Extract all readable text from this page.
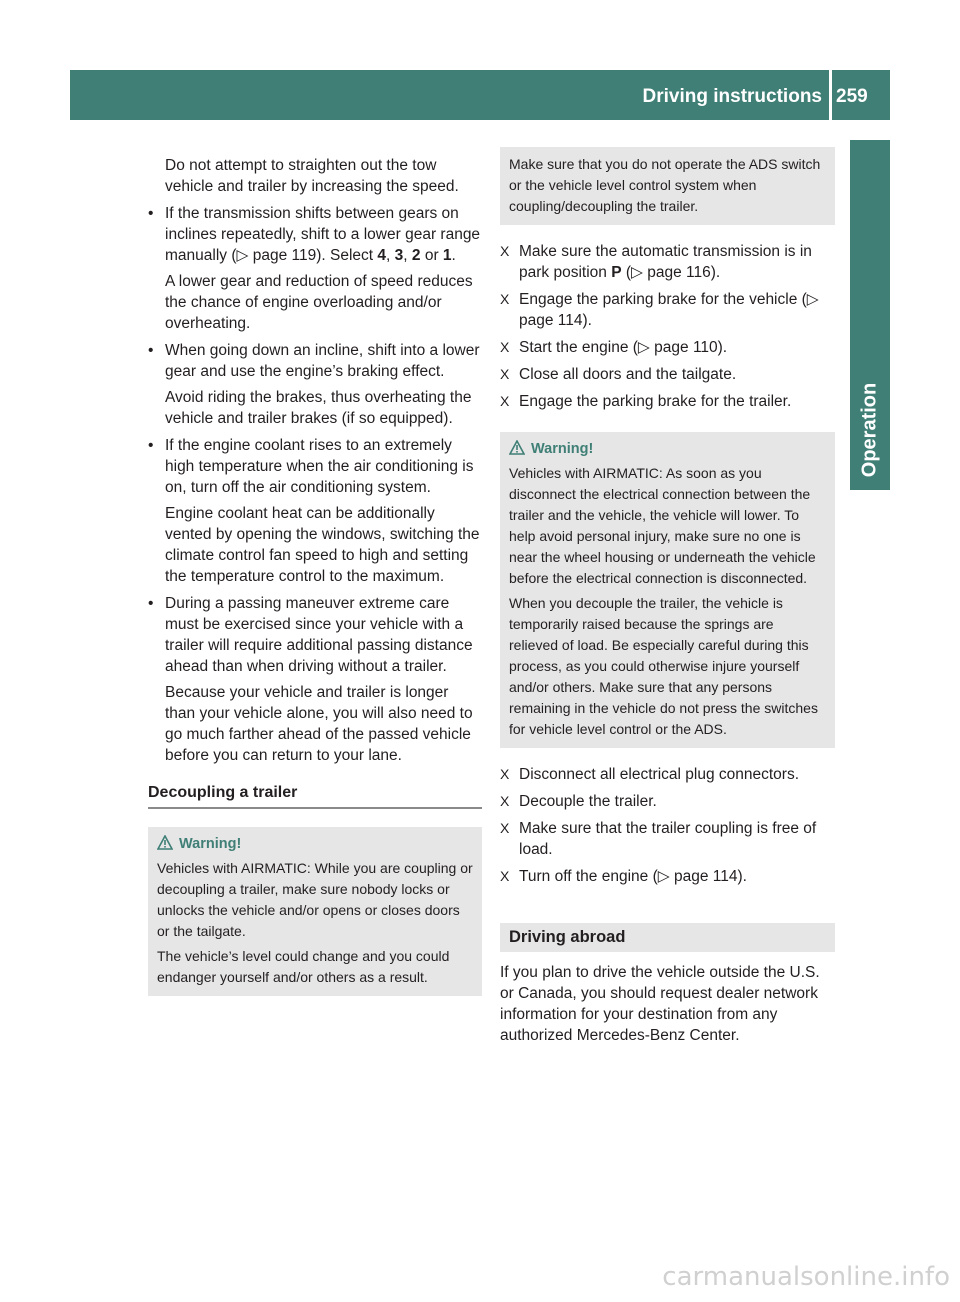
Driving instructions 259
Operation

Do not attempt to straighten out the tow vehicle and trailer by increasing the speed.

• If the transmission shifts between gears on inclines repeatedly, shift to a lower gear range manually (▷ page 119). Select 4, 3, 2 or 1.

A lower gear and reduction of speed reduces the chance of engine overloading and/or overheating.

• When going down an incline, shift into a lower gear and use the engine’s braking effect.

Avoid riding the brakes, thus overheating the vehicle and trailer brakes (if so equipped).

• If the engine coolant rises to an extremely high temperature when the air conditioning is on, turn off the air conditioning system.

Engine coolant heat can be additionally vented by opening the windows, switching the climate control fan speed to high and setting the temperature control to the maximum.

• During a passing maneuver extreme care must be exercised since your vehicle with a trailer will require additional passing distance ahead than when driving without a trailer.

Because your vehicle and trailer is longer than your vehicle alone, you will also need to go much farther ahead of the passed vehicle before you can return to your lane.

Decoupling a trailer
Warning!

Vehicles with AIRMATIC: While you are coupling or decoupling a trailer, make sure nobody locks or unlocks the vehicle and/or opens or closes doors or the tailgate.

The vehicle’s level could change and you could endanger yourself and/or others as a result.

Make sure that you do not operate the ADS switch or the vehicle level control system when coupling/decoupling the trailer.

X Make sure the automatic transmission is in park position P (▷ page 116).

X Engage the parking brake for the vehicle (▷ page 114).

X Start the engine (▷ page 110).

X Close all doors and the tailgate.

X Engage the parking brake for the trailer.

Warning!

Vehicles with AIRMATIC: As soon as you disconnect the electrical connection between the trailer and the vehicle, the vehicle will lower. To help avoid personal injury, make sure no one is near the wheel housing or underneath the vehicle before the electrical connection is disconnected.

When you decouple the trailer, the vehicle is temporarily raised because the springs are relieved of load. Be especially careful during this process, as you could otherwise injure yourself and/or others. Make sure that any persons remaining in the vehicle do not press the switches for vehicle level control or the ADS.

X Disconnect all electrical plug connectors.

X Decouple the trailer.

X Make sure that the trailer coupling is free of load.

X Turn off the engine (▷ page 114).

Driving abroad

If you plan to drive the vehicle outside the U.S. or Canada, you should request dealer network information for your destination from any authorized Mercedes-Benz Center.

carmanualsonline.info
